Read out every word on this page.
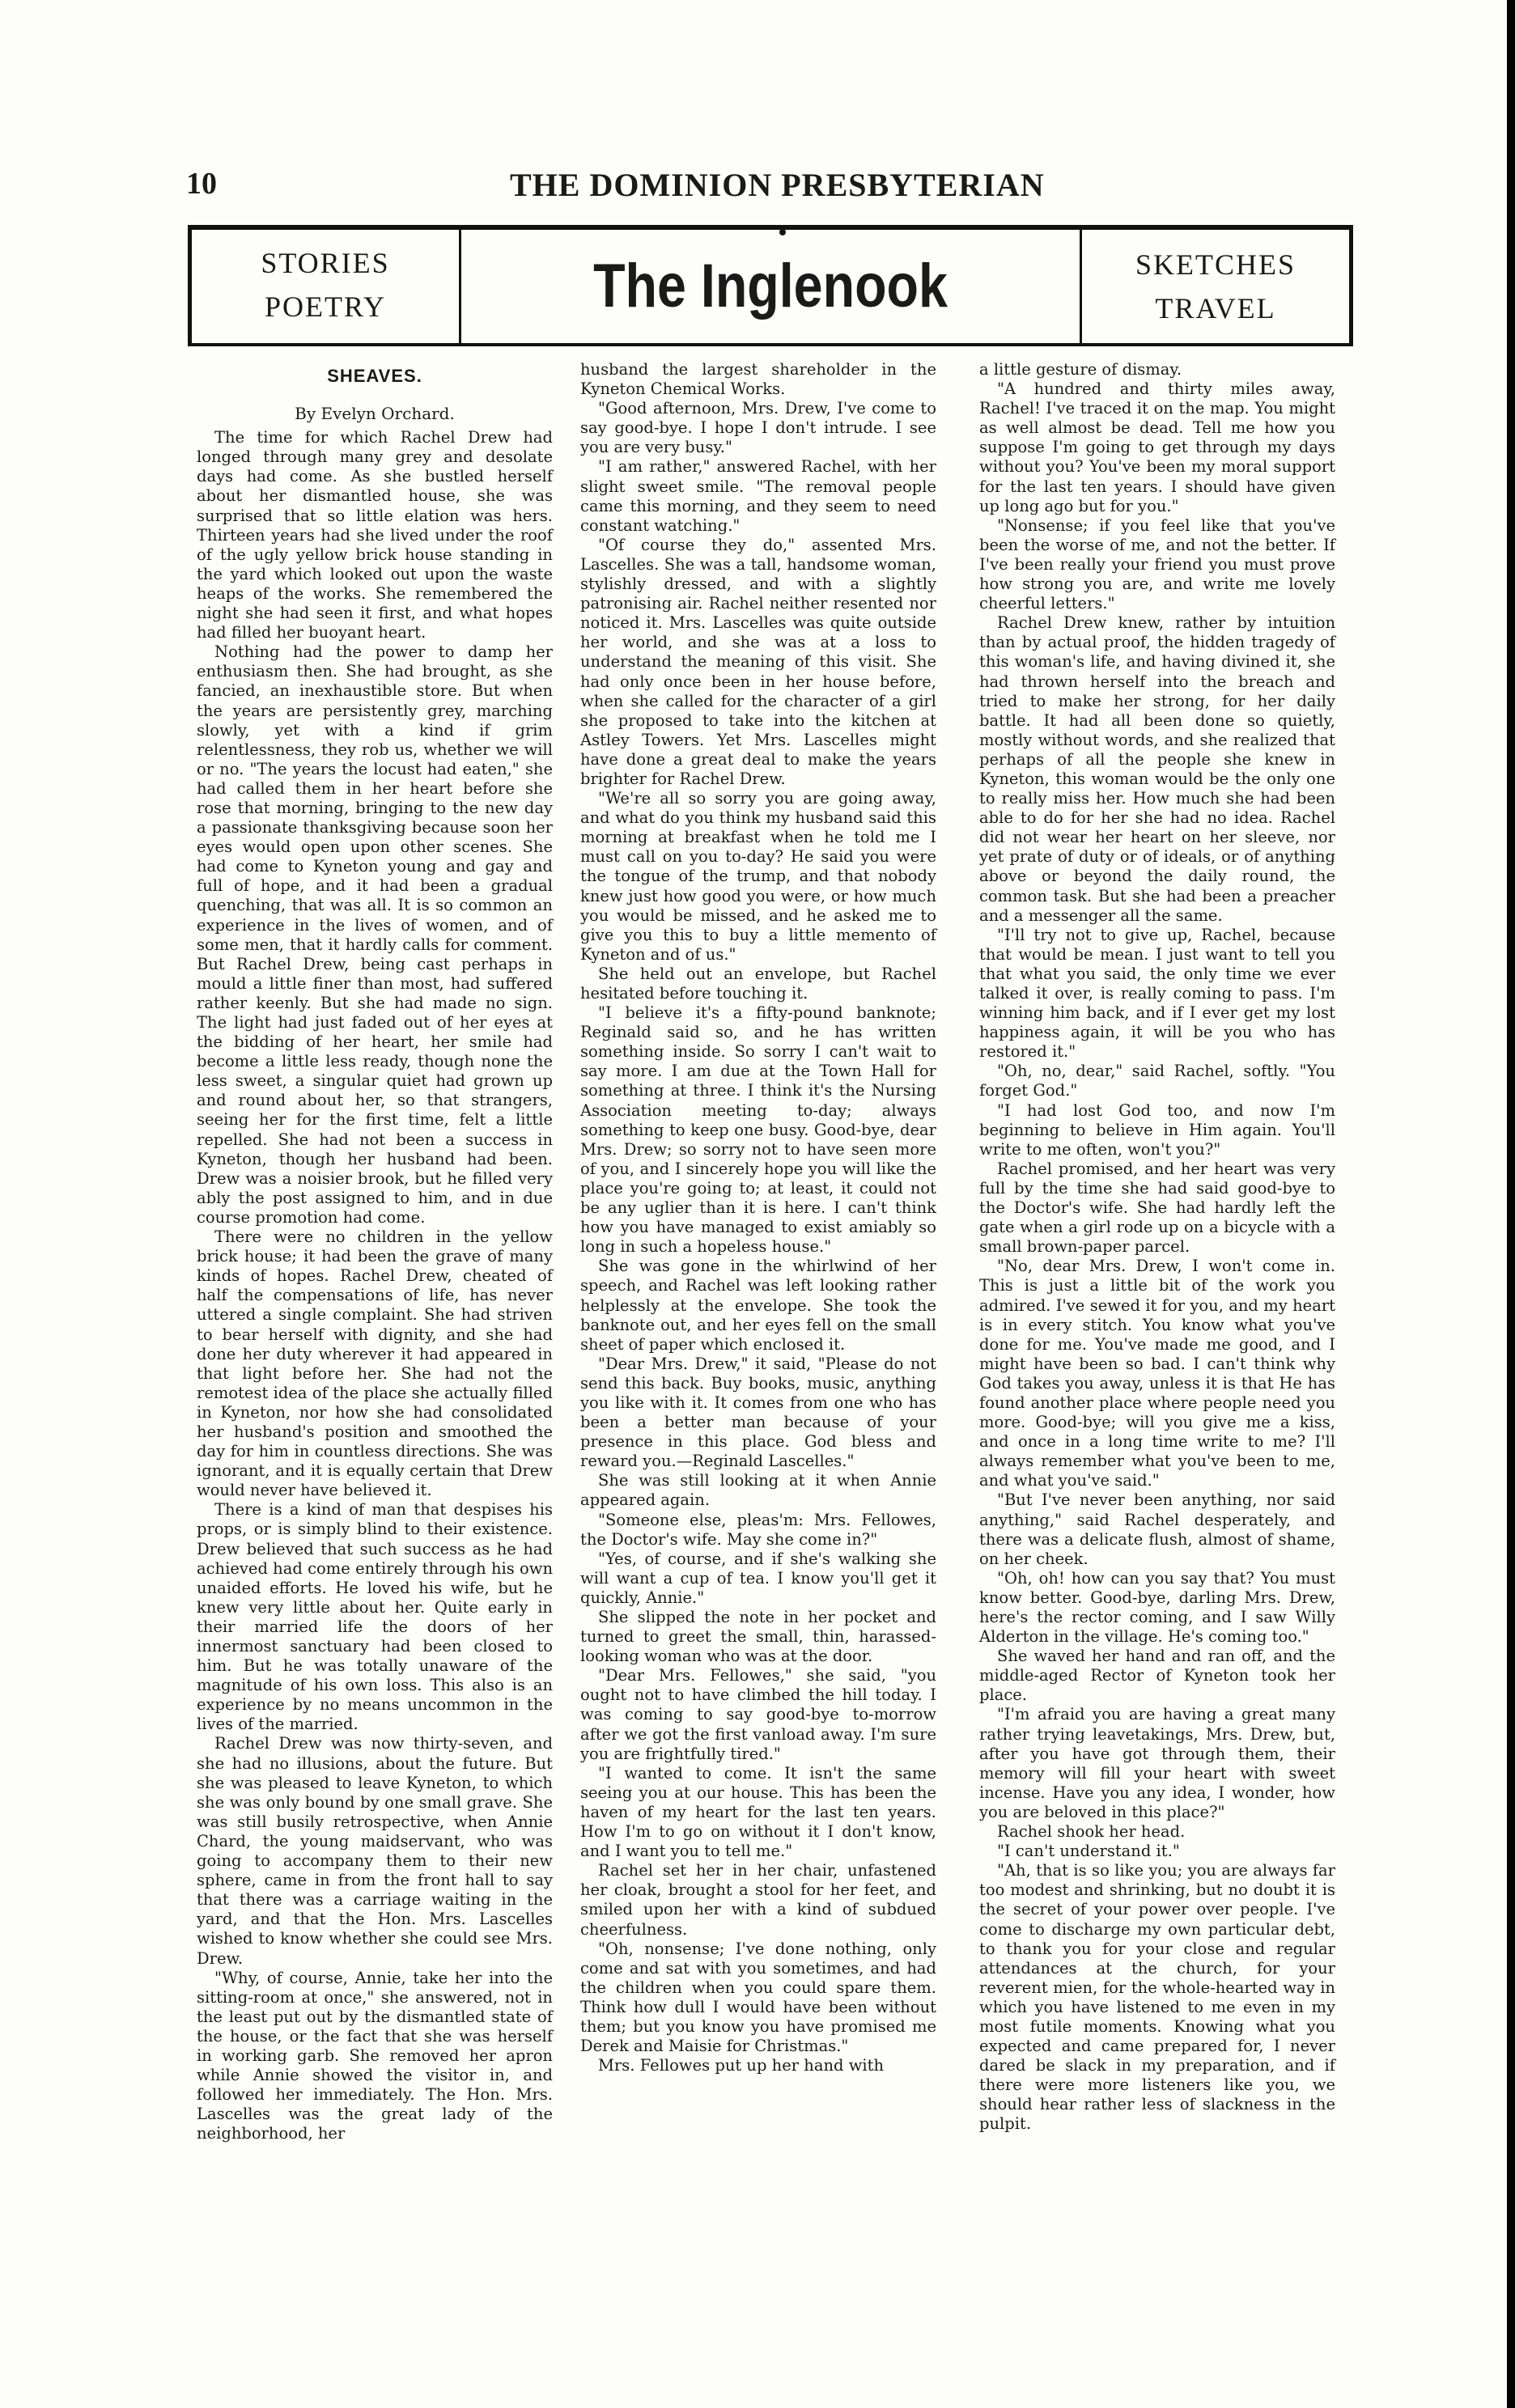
10	THE DOMINION PRESBYTERIAN
STORIES
POETRY	The Inglenook	SKETCHES
TRAVEL
SHEAVES.
By Evelyn Orchard.

The time for which Rachel Drew had longed through many grey and desolate days had come. As she bustled herself about her dismantled house, she was surprised that so little elation was hers. Thirteen years had she lived under the roof of the ugly yellow brick house standing in the yard which looked out upon the waste heaps of the works. She remembered the night she had seen it first, and what hopes had filled her buoyant heart.

Nothing had the power to damp her enthusiasm then. She had brought, as she fancied, an inexhaustible store. But when the years are persistently grey, marching slowly, yet with a kind if grim relentlessness, they rob us, whether we will or no. "The years the locust had eaten," she had called them in her heart before she rose that morning, bringing to the new day a passionate thanksgiving because soon her eyes would open upon other scenes. She had come to Kyneton young and gay and full of hope, and it had been a gradual quenching, that was all. It is so common an experience in the lives of women, and of some men, that it hardly calls for comment. But Rachel Drew, being cast perhaps in mould a little finer than most, had suffered rather keenly. But she had made no sign. The light had just faded out of her eyes at the bidding of her heart, her smile had become a little less ready, though none the less sweet, a singular quiet had grown up and round about her, so that strangers, seeing her for the first time, felt a little repelled. She had not been a success in Kyneton, though her husband had been. Drew was a noisier brook, but he filled very ably the post assigned to him, and in due course promotion had come.

There were no children in the yellow brick house; it had been the grave of many kinds of hopes. Rachel Drew, cheated of half the compensations of life, has never uttered a single complaint. She had striven to bear herself with dignity, and she had done her duty wherever it had appeared in that light before her. She had not the remotest idea of the place she actually filled in Kyneton, nor how she had consolidated her husband's position and smoothed the day for him in countless directions. She was ignorant, and it is equally certain that Drew would never have believed it.

There is a kind of man that despises his props, or is simply blind to their existence. Drew believed that such success as he had achieved had come entirely through his own unaided efforts. He loved his wife, but he knew very little about her. Quite early in their married life the doors of her innermost sanctuary had been closed to him. But he was totally unaware of the magnitude of his own loss. This also is an experience by no means uncommon in the lives of the married.

Rachel Drew was now thirty-seven, and she had no illusions, about the future. But she was pleased to leave Kyneton, to which she was only bound by one small grave. She was still busily retrospective, when Annie Chard, the young maidservant, who was going to accompany them to their new sphere, came in from the front hall to say that there was a carriage waiting in the yard, and that the Hon. Mrs. Lascelles wished to know whether she could see Mrs. Drew.

"Why, of course, Annie, take her into the sitting-room at once," she answered, not in the least put out by the dismantled state of the house, or the fact that she was herself in working garb. She removed her apron while Annie showed the visitor in, and followed her immediately. The Hon. Mrs. Lascelles was the great lady of the neighborhood, her

husband the largest shareholder in the Kyneton Chemical Works.

"Good afternoon, Mrs. Drew, I've come to say good-bye. I hope I don't intrude. I see you are very busy."

"I am rather," answered Rachel, with her slight sweet smile. "The removal people came this morning, and they seem to need constant watching."

"Of course they do," assented Mrs. Lascelles. She was a tall, handsome woman, stylishly dressed, and with a slightly patronising air. Rachel neither resented nor noticed it. Mrs. Lascelles was quite outside her world, and she was at a loss to understand the meaning of this visit. She had only once been in her house before, when she called for the character of a girl she proposed to take into the kitchen at Astley Towers. Yet Mrs. Lascelles might have done a great deal to make the years brighter for Rachel Drew.

"We're all so sorry you are going away, and what do you think my husband said this morning at breakfast when he told me I must call on you to-day? He said you were the tongue of the trump, and that nobody knew just how good you were, or how much you would be missed, and he asked me to give you this to buy a little memento of Kyneton and of us."

She held out an envelope, but Rachel hesitated before touching it.

"I believe it's a fifty-pound banknote; Reginald said so, and he has written something inside. So sorry I can't wait to say more. I am due at the Town Hall for something at three. I think it's the Nursing Association meeting to-day; always something to keep one busy. Good-bye, dear Mrs. Drew; so sorry not to have seen more of you, and I sincerely hope you will like the place you're going to; at least, it could not be any uglier than it is here. I can't think how you have managed to exist amiably so long in such a hopeless house."

She was gone in the whirlwind of her speech, and Rachel was left looking rather helplessly at the envelope. She took the banknote out, and her eyes fell on the small sheet of paper which enclosed it.

"Dear Mrs. Drew," it said, "Please do not send this back. Buy books, music, anything you like with it. It comes from one who has been a better man because of your presence in this place. God bless and reward you.—Reginald Lascelles."

She was still looking at it when Annie appeared again.

"Someone else, pleas'm: Mrs. Fellowes, the Doctor's wife. May she come in?"

"Yes, of course, and if she's walking she will want a cup of tea. I know you'll get it quickly, Annie."

She slipped the note in her pocket and turned to greet the small, thin, harassed-looking woman who was at the door.

"Dear Mrs. Fellowes," she said, "you ought not to have climbed the hill today. I was coming to say good-bye to-morrow after we got the first vanload away. I'm sure you are frightfully tired."

"I wanted to come. It isn't the same seeing you at our house. This has been the haven of my heart for the last ten years. How I'm to go on without it I don't know, and I want you to tell me."

Rachel set her in her chair, unfastened her cloak, brought a stool for her feet, and smiled upon her with a kind of subdued cheerfulness.

"Oh, nonsense; I've done nothing, only come and sat with you sometimes, and had the children when you could spare them. Think how dull I would have been without them; but you know you have promised me Derek and Maisie for Christmas."

Mrs. Fellowes put up her hand with

a little gesture of dismay.

"A hundred and thirty miles away, Rachel! I've traced it on the map. You might as well almost be dead. Tell me how you suppose I'm going to get through my days without you? You've been my moral support for the last ten years. I should have given up long ago but for you."

"Nonsense; if you feel like that you've been the worse of me, and not the better. If I've been really your friend you must prove how strong you are, and write me lovely cheerful letters."

Rachel Drew knew, rather by intuition than by actual proof, the hidden tragedy of this woman's life, and having divined it, she had thrown herself into the breach and tried to make her strong, for her daily battle. It had all been done so quietly, mostly without words, and she realized that perhaps of all the people she knew in Kyneton, this woman would be the only one to really miss her. How much she had been able to do for her she had no idea. Rachel did not wear her heart on her sleeve, nor yet prate of duty or of ideals, or of anything above or beyond the daily round, the common task. But she had been a preacher and a messenger all the same.

"I'll try not to give up, Rachel, because that would be mean. I just want to tell you that what you said, the only time we ever talked it over, is really coming to pass. I'm winning him back, and if I ever get my lost happiness again, it will be you who has restored it."

"Oh, no, dear," said Rachel, softly. "You forget God."

"I had lost God too, and now I'm beginning to believe in Him again. You'll write to me often, won't you?"

Rachel promised, and her heart was very full by the time she had said good-bye to the Doctor's wife. She had hardly left the gate when a girl rode up on a bicycle with a small brown-paper parcel.

"No, dear Mrs. Drew, I won't come in. This is just a little bit of the work you admired. I've sewed it for you, and my heart is in every stitch. You know what you've done for me. You've made me good, and I might have been so bad. I can't think why God takes you away, unless it is that He has found another place where people need you more. Good-bye; will you give me a kiss, and once in a long time write to me? I'll always remember what you've been to me, and what you've said."

"But I've never been anything, nor said anything," said Rachel desperately, and there was a delicate flush, almost of shame, on her cheek.

"Oh, oh! how can you say that? You must know better. Good-bye, darling Mrs. Drew, here's the rector coming, and I saw Willy Alderton in the village. He's coming too."

She waved her hand and ran off, and the middle-aged Rector of Kyneton took her place.

"I'm afraid you are having a great many rather trying leavetakings, Mrs. Drew, but, after you have got through them, their memory will fill your heart with sweet incense. Have you any idea, I wonder, how you are beloved in this place?"

Rachel shook her head.

"I can't understand it."

"Ah, that is so like you; you are always far too modest and shrinking, but no doubt it is the secret of your power over people. I've come to discharge my own particular debt, to thank you for your close and regular attendances at the church, for your reverent mien, for the whole-hearted way in which you have listened to me even in my most futile moments. Knowing what you expected and came prepared for, I never dared be slack in my preparation, and if there were more listeners like you, we should hear rather less of slackness in the pulpit.
